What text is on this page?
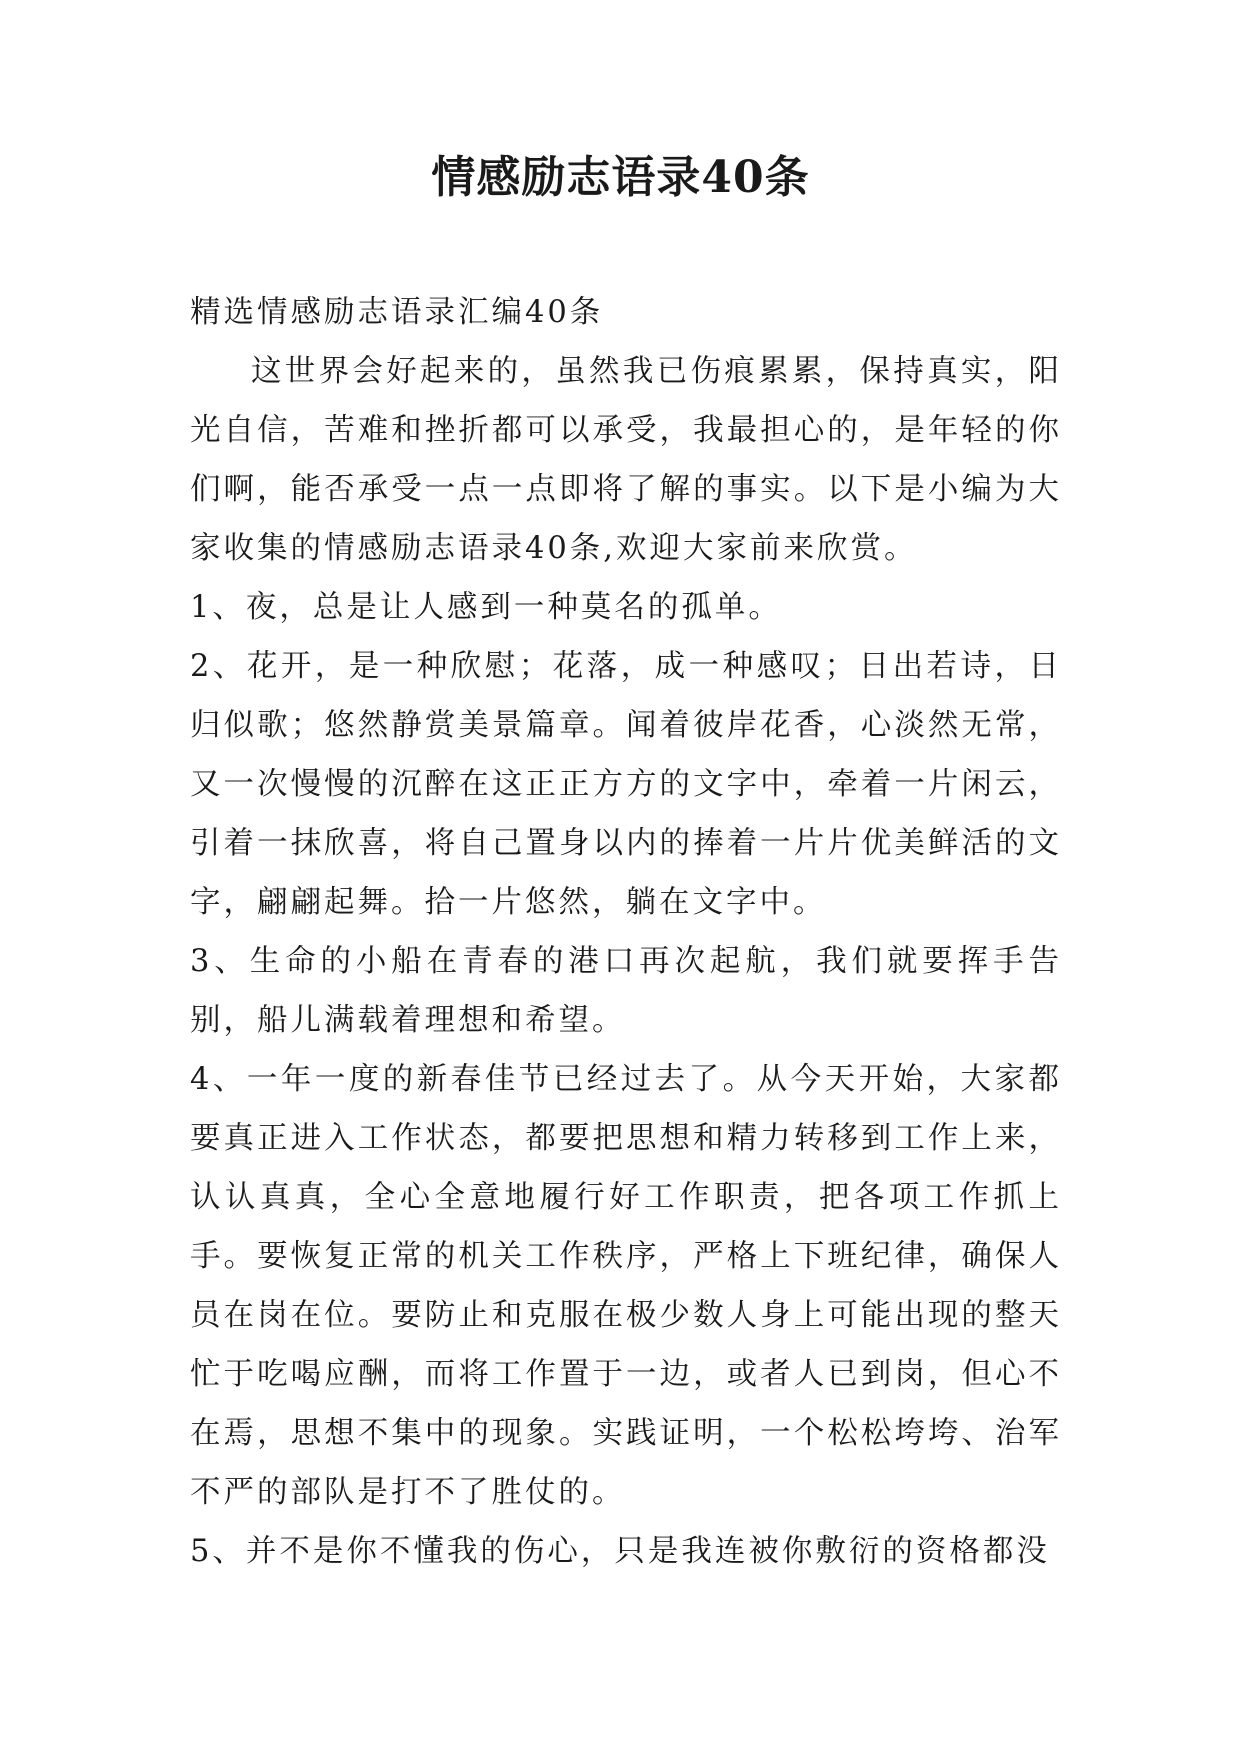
情感励志语录40条

精选情感励志语录汇编40条

这世界会好起来的，虽然我已伤痕累累，保持真实，阳光自信，苦难和挫折都可以承受，我最担心的，是年轻的你们啊，能否承受一点一点即将了解的事实。以下是小编为大家收集的情感励志语录40条,欢迎大家前来欣赏。

1、夜，总是让人感到一种莫名的孤单。

2、花开，是一种欣慰；花落，成一种感叹；日出若诗，日归似歌；悠然静赏美景篇章。闻着彼岸花香，心淡然无常，又一次慢慢的沉醉在这正正方方的文字中，牵着一片闲云，引着一抹欣喜，将自己置身以内的捧着一片片优美鲜活的文字，翩翩起舞。拾一片悠然，躺在文字中。

3、生命的小船在青春的港口再次起航，我们就要挥手告别，船儿满载着理想和希望。

4、一年一度的新春佳节已经过去了。从今天开始，大家都要真正进入工作状态，都要把思想和精力转移到工作上来，认认真真，全心全意地履行好工作职责，把各项工作抓上手。要恢复正常的机关工作秩序，严格上下班纪律，确保人员在岗在位。要防止和克服在极少数人身上可能出现的整天忙于吃喝应酬，而将工作置于一边，或者人已到岗，但心不在焉，思想不集中的现象。实践证明，一个松松垮垮、治军不严的部队是打不了胜仗的。

5、并不是你不懂我的伤心，只是我连被你敷衍的资格都没
